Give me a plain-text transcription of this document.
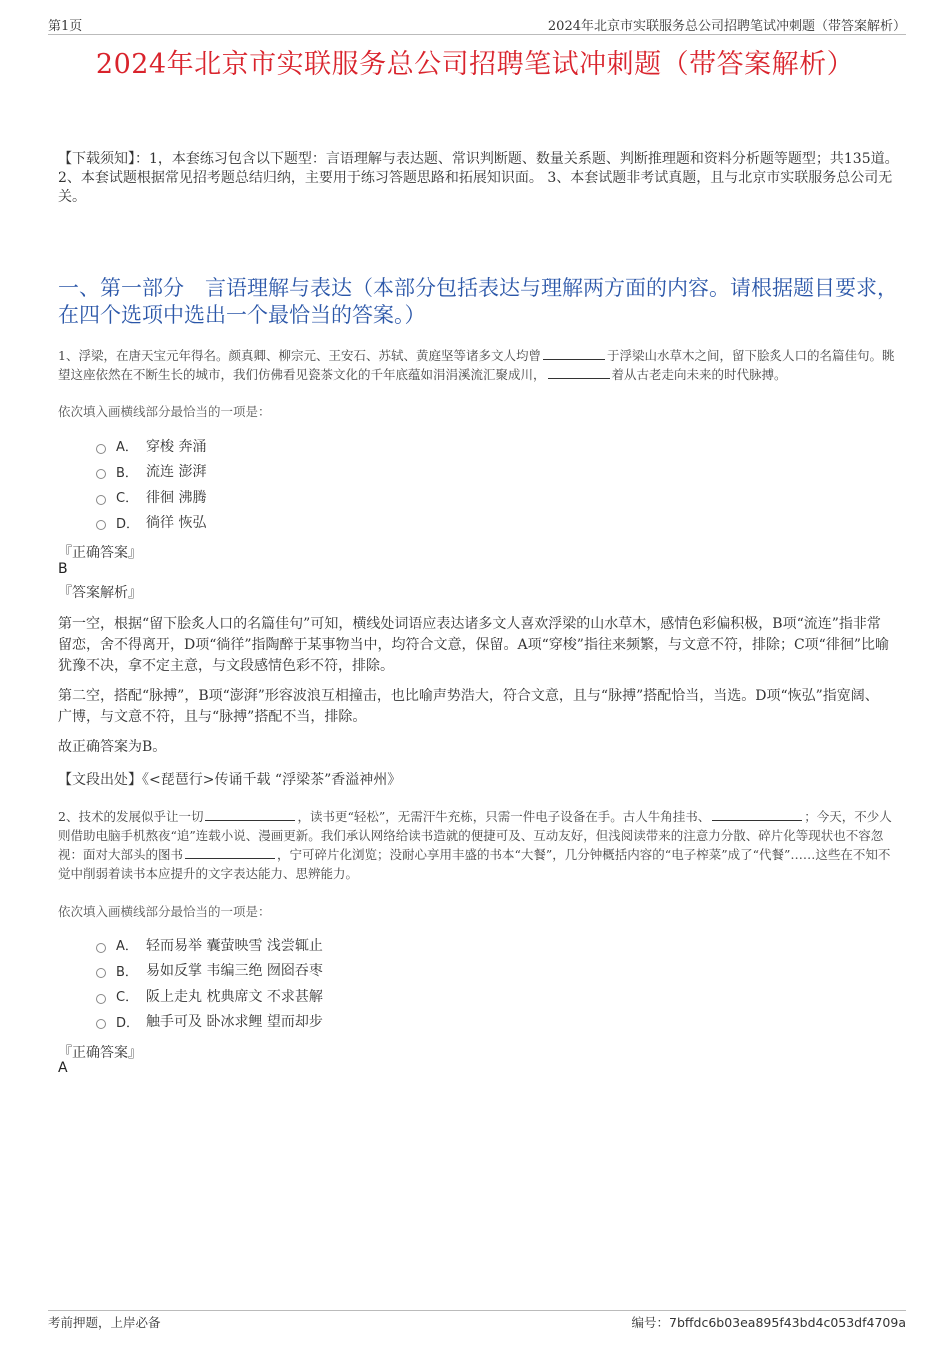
第1页	2024年北京市实联服务总公司招聘笔试冲刺题（带答案解析）
2024年北京市实联服务总公司招聘笔试冲刺题（带答案解析）
【下载须知】：1，本套练习包含以下题型：言语理解与表达题、常识判断题、数量关系题、判断推理题和资料分析题等题型；共135道。 2、本套试题根据常见招考题总结归纳，主要用于练习答题思路和拓展知识面。 3、本套试题非考试真题，且与北京市实联服务总公司无关。
一、第一部分　言语理解与表达（本部分包括表达与理解两方面的内容。请根据题目要求，在四个选项中选出一个最恰当的答案。）
1、浮梁，在唐天宝元年得名。颜真卿、柳宗元、王安石、苏轼、黄庭坚等诸多文人均曾	于浮梁山水草木之间，留下脍炙人口的名篇佳句。眺望这座依然在不断生长的城市，我们仿佛看见瓷茶文化的千年底蕴如涓涓溪流汇聚成川，	着从古老走向未来的时代脉搏。
依次填入画横线部分最恰当的一项是：
A． 穿梭 奔涌
B． 流连 澎湃
C． 徘徊 沸腾
D． 徜徉 恢弘
『正确答案』
B
『答案解析』
第一空，根据“留下脍炙人口的名篇佳句”可知，横线处词语应表达诸多文人喜欢浮梁的山水草木，感情色彩偏积极，B项“流连”指非常留恋，舍不得离开，D项“徜徉”指陶醉于某事物当中，均符合文意，保留。A项“穿梭”指往来频繁，与文意不符，排除；C项“徘徊”比喻犹豫不决，拿不定主意，与文段感情色彩不符，排除。
第二空，搭配“脉搏”，B项“澎湃”形容波浪互相撞击，也比喻声势浩大，符合文意，且与“脉搏”搭配恰当，当选。D项“恢弘”指宽阔、广博，与文意不符，且与“脉搏”搭配不当，排除。
故正确答案为B。
【文段出处】《<琵琶行>传诵千载 “浮梁茶”香溢神州》
2、技术的发展似乎让一切	，读书更“轻松”，无需汗牛充栋，只需一件电子设备在手。古人牛角挂书、	；今天，不少人则借助电脑手机熬夜“追”连载小说、漫画更新。我们承认网络给读书造就的便捷可及、互动友好，但浅阅读带来的注意力分散、碎片化等现状也不容忽视：面对大部头的图书	，宁可碎片化浏览；没耐心享用丰盛的书本“大餐”，几分钟概括内容的“电子榨菜”成了“代餐”……这些在不知不觉中削弱着读书本应提升的文字表达能力、思辨能力。
依次填入画横线部分最恰当的一项是：
A． 轻而易举 囊萤映雪 浅尝辄止
B． 易如反掌 韦编三绝 囫囵吞枣
C． 阪上走丸 枕典席文 不求甚解
D． 触手可及 卧冰求鲤 望而却步
『正确答案』
A
考前押题，上岸必备	编号：7bffdc6b03ea895f43bd4c053df4709a
